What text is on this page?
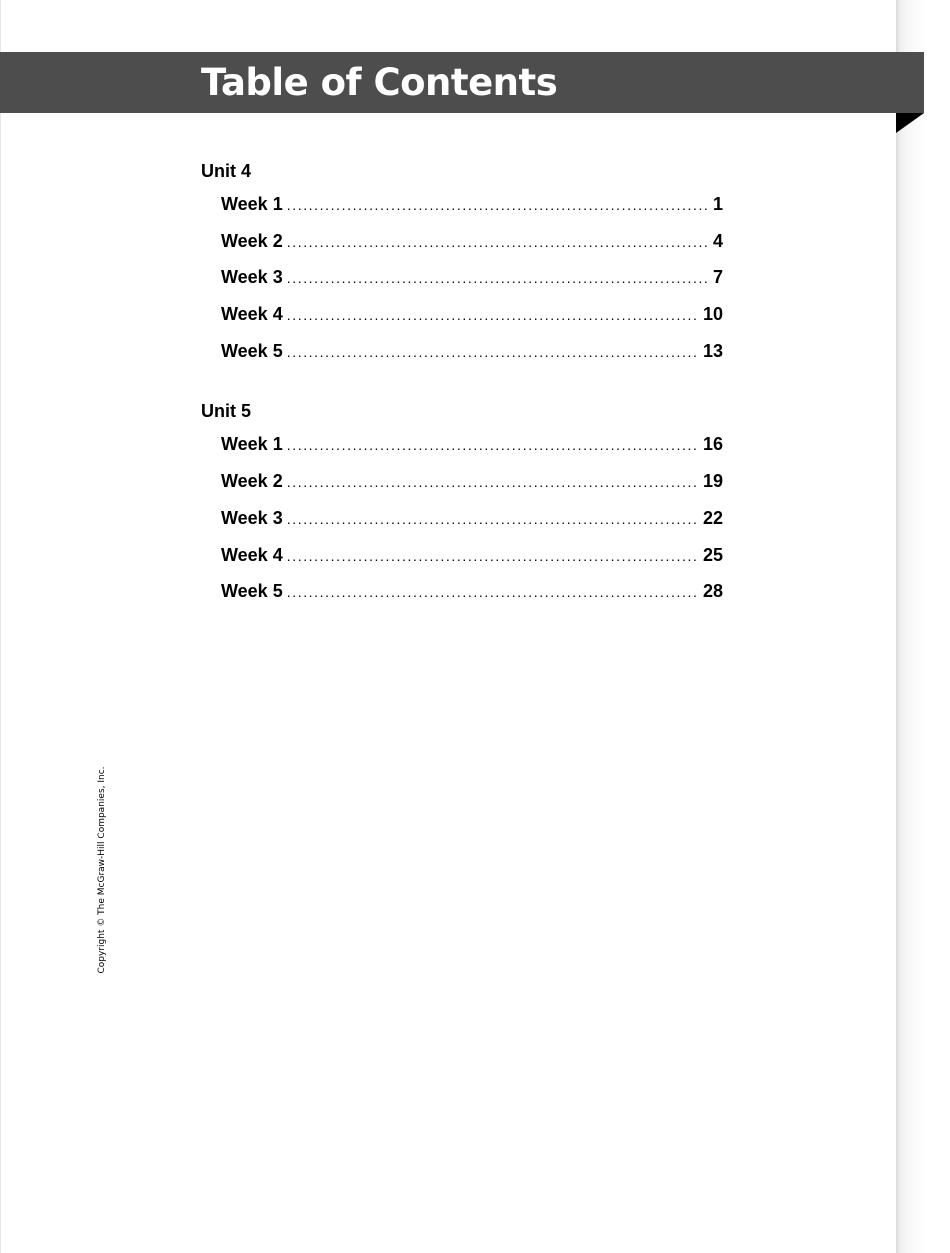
Table of Contents
Unit 4
Week 1 .....	1
Week 2 .....	4
Week 3 .....	7
Week 4 .....	10
Week 5 .....	13
Unit 5
Week 1 .....	16
Week 2 .....	19
Week 3 .....	22
Week 4 .....	25
Week 5 .....	28
Copyright © The McGraw-Hill Companies, Inc.
